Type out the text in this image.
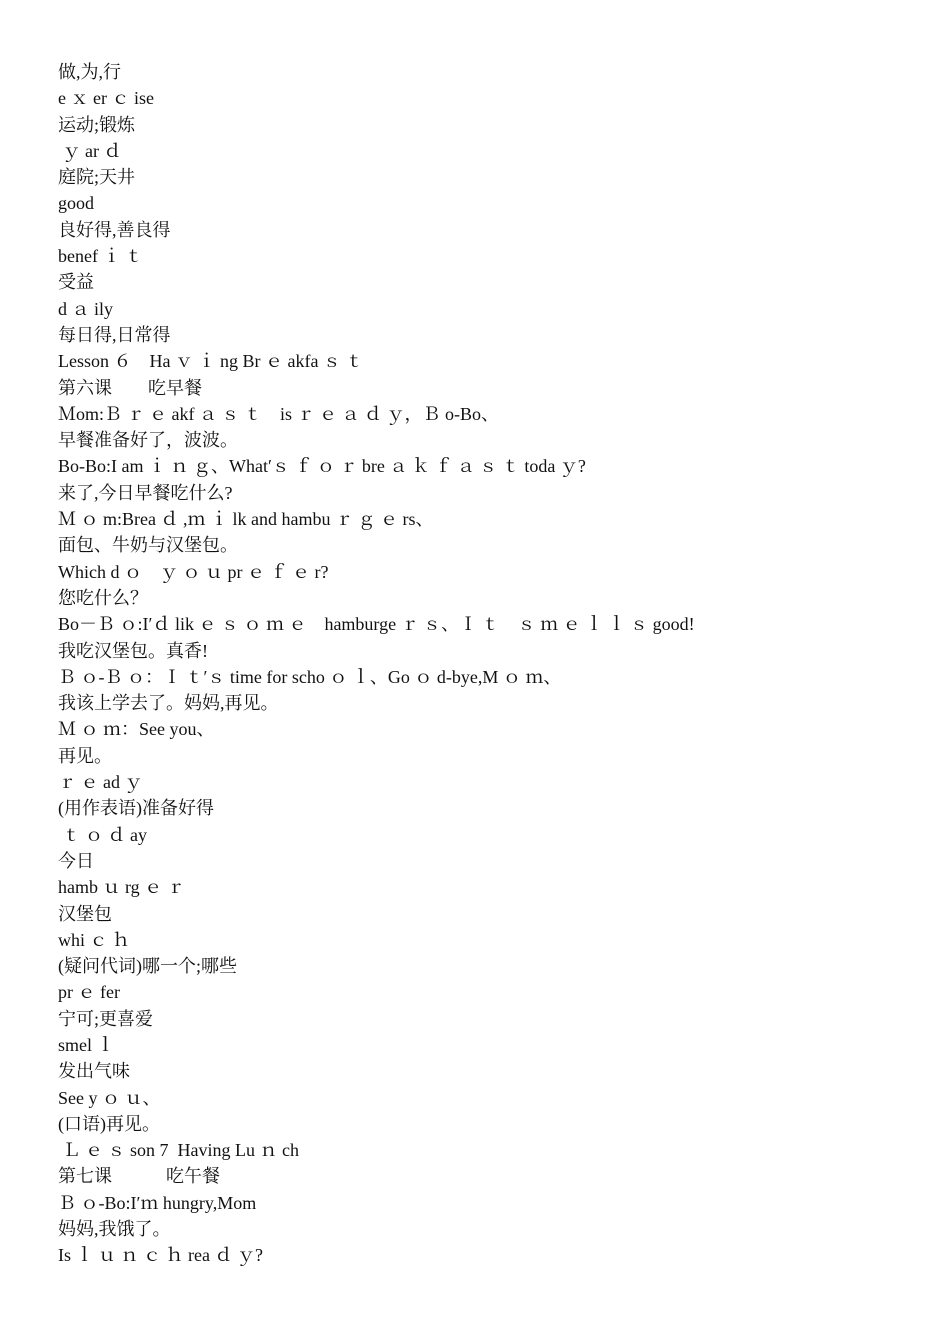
做,为,行
e ｘ er ｃ ise
运动;锻炼
ｙ ar ｄ
庭院;天井
good
良好得,善良得
benef ｉ ｔ
受益
d ａ ily
每日得,日常得
Lesson ６　Ha ｖ ｉ ng Br ｅ akfa ｓ ｔ
第六课　　吃早餐
Ｍom:Ｂ ｒ ｅ akf ａ ｓ ｔ　is ｒ ｅ ａ ｄ ｙ，Ｂ o-Bo、
早餐准备好了，波波。
Bo-Bo:I am ｉ ｎ ｇ、What′ｓ ｆ ｏ ｒ bre ａ ｋ ｆ ａ ｓ ｔ toda ｙ?
来了,今日早餐吃什么?
Ｍ ｏ m:Brea ｄ ,ｍ ｉ lk and hambu ｒ ｇ ｅ rs、
面包、牛奶与汉堡包。
Which d ｏ　ｙ ｏ ｕ pr ｅ ｆ ｅ r?
您吃什么？
Bo－Ｂ ｏ:I′ｄ lik ｅ ｓ ｏ ｍ ｅ　hamburge ｒ ｓ、Ｉ ｔ　ｓ ｍ ｅ ｌ ｌ ｓ good!
我吃汉堡包。真香!
Ｂ ｏ-Ｂ ｏ：Ｉ ｔ′ｓ time for scho ｏ ｌ、Go ｏ d-bye,M ｏ ｍ、
我该上学去了。妈妈,再见。
Ｍ ｏ ｍ：See you、
再见。
ｒ ｅ ad ｙ
(用作表语)准备好得
ｔ ｏ ｄ ay
今日
hamb ｕ rg ｅ ｒ
汉堡包
whi ｃ ｈ
(疑问代词)哪一个;哪些
pr ｅ fer
宁可;更喜爱
smel ｌ
发出气味
See y ｏ ｕ、
(口语)再见。
Ｌ ｅ ｓ son 7  Having Lu ｎ ch
第七课　　　吃午餐
Ｂ ｏ-Bo:I′ｍ hungry,Mom
妈妈,我饿了。
Is ｌ ｕ ｎ ｃ ｈ rea ｄ ｙ?
